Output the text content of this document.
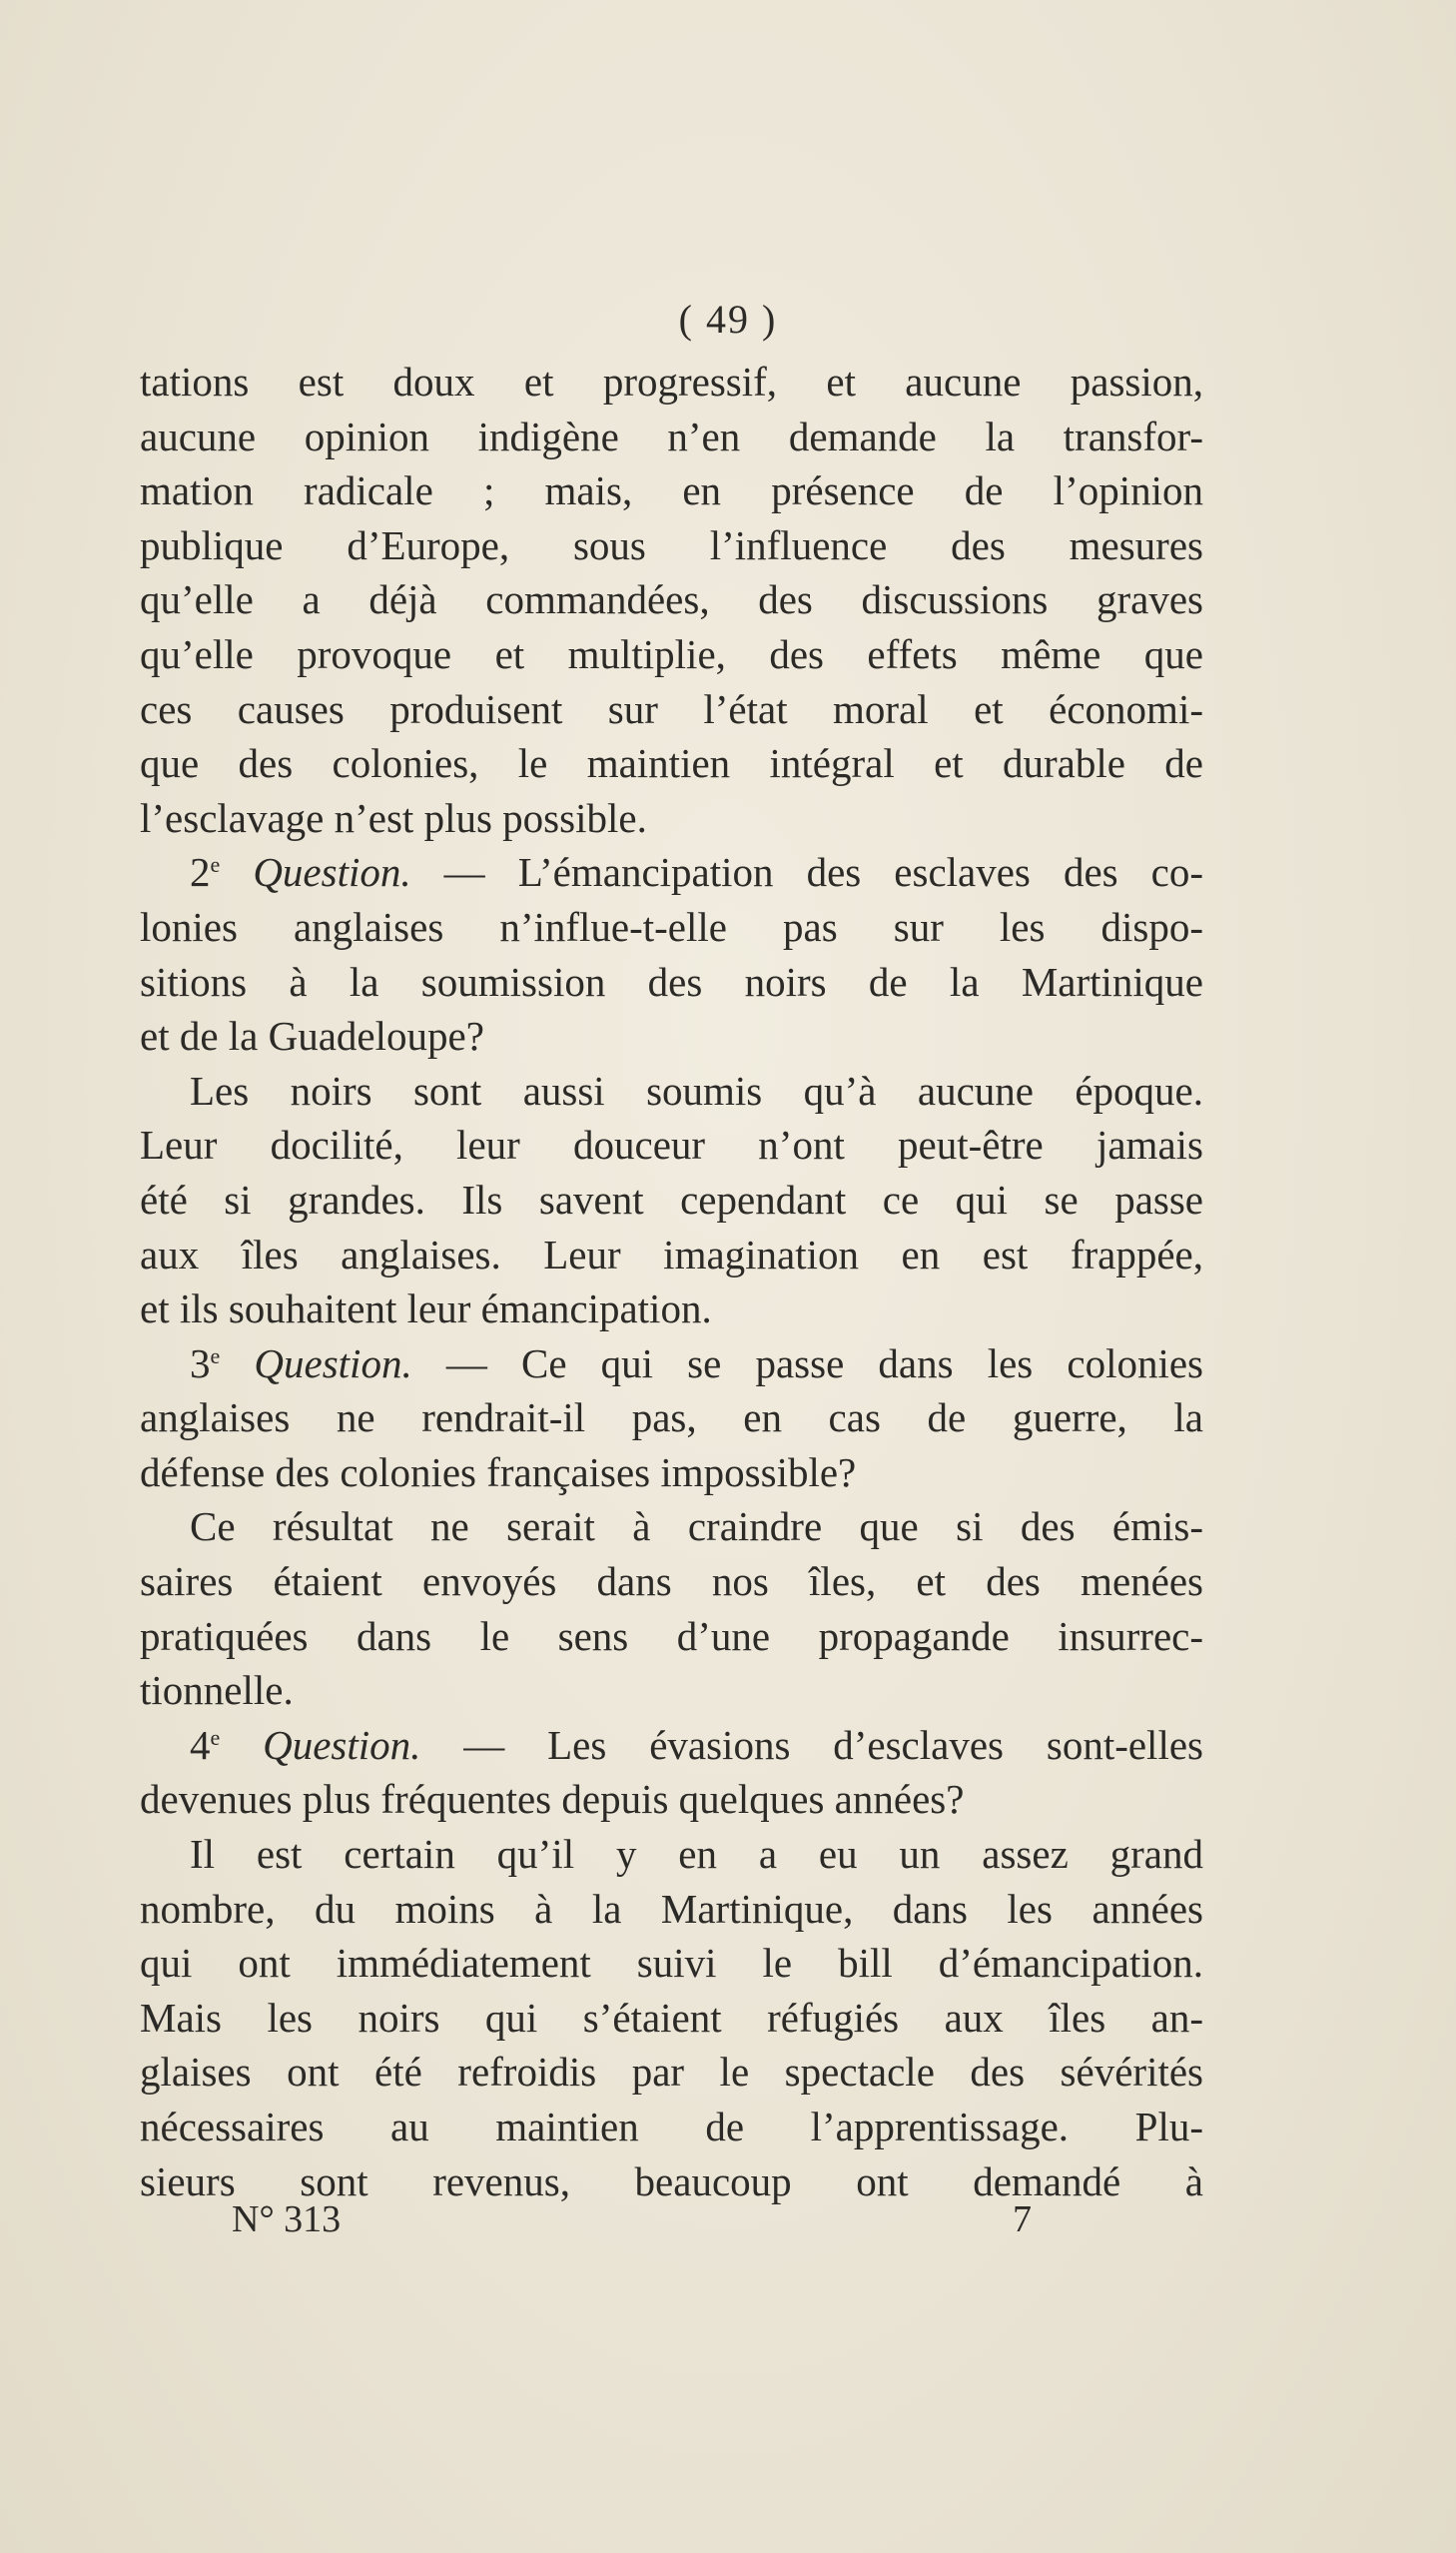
( 49 )
tations est doux et progressif, et aucune passion,
aucune opinion indigène n’en demande la transfor-
mation radicale ; mais, en présence de l’opinion
publique d’Europe, sous l’influence des mesures
qu’elle a déjà commandées, des discussions graves
qu’elle provoque et multiplie, des effets même que
ces causes produisent sur l’état moral et économi-
que des colonies, le maintien intégral et durable de
l’esclavage n’est plus possible.
2e Question. — L’émancipation des esclaves des co-
lonies anglaises n’influe-t-elle pas sur les dispo-
sitions à la soumission des noirs de la Martinique
et de la Guadeloupe?
Les noirs sont aussi soumis qu’à aucune époque.
Leur docilité, leur douceur n’ont peut-être jamais
été si grandes. Ils savent cependant ce qui se passe
aux îles anglaises. Leur imagination en est frappée,
et ils souhaitent leur émancipation.
3e Question. — Ce qui se passe dans les colonies
anglaises ne rendrait-il pas, en cas de guerre, la
défense des colonies françaises impossible?
Ce résultat ne serait à craindre que si des émis-
saires étaient envoyés dans nos îles, et des menées
pratiquées dans le sens d’une propagande insurrec-
tionnelle.
4e Question. — Les évasions d’esclaves sont-elles
devenues plus fréquentes depuis quelques années?
Il est certain qu’il y en a eu un assez grand
nombre, du moins à la Martinique, dans les années
qui ont immédiatement suivi le bill d’émancipation.
Mais les noirs qui s’étaient réfugiés aux îles an-
glaises ont été refroidis par le spectacle des sévérités
nécessaires au maintien de l’apprentissage. Plu-
sieurs sont revenus, beaucoup ont demandé à
N° 313	7
